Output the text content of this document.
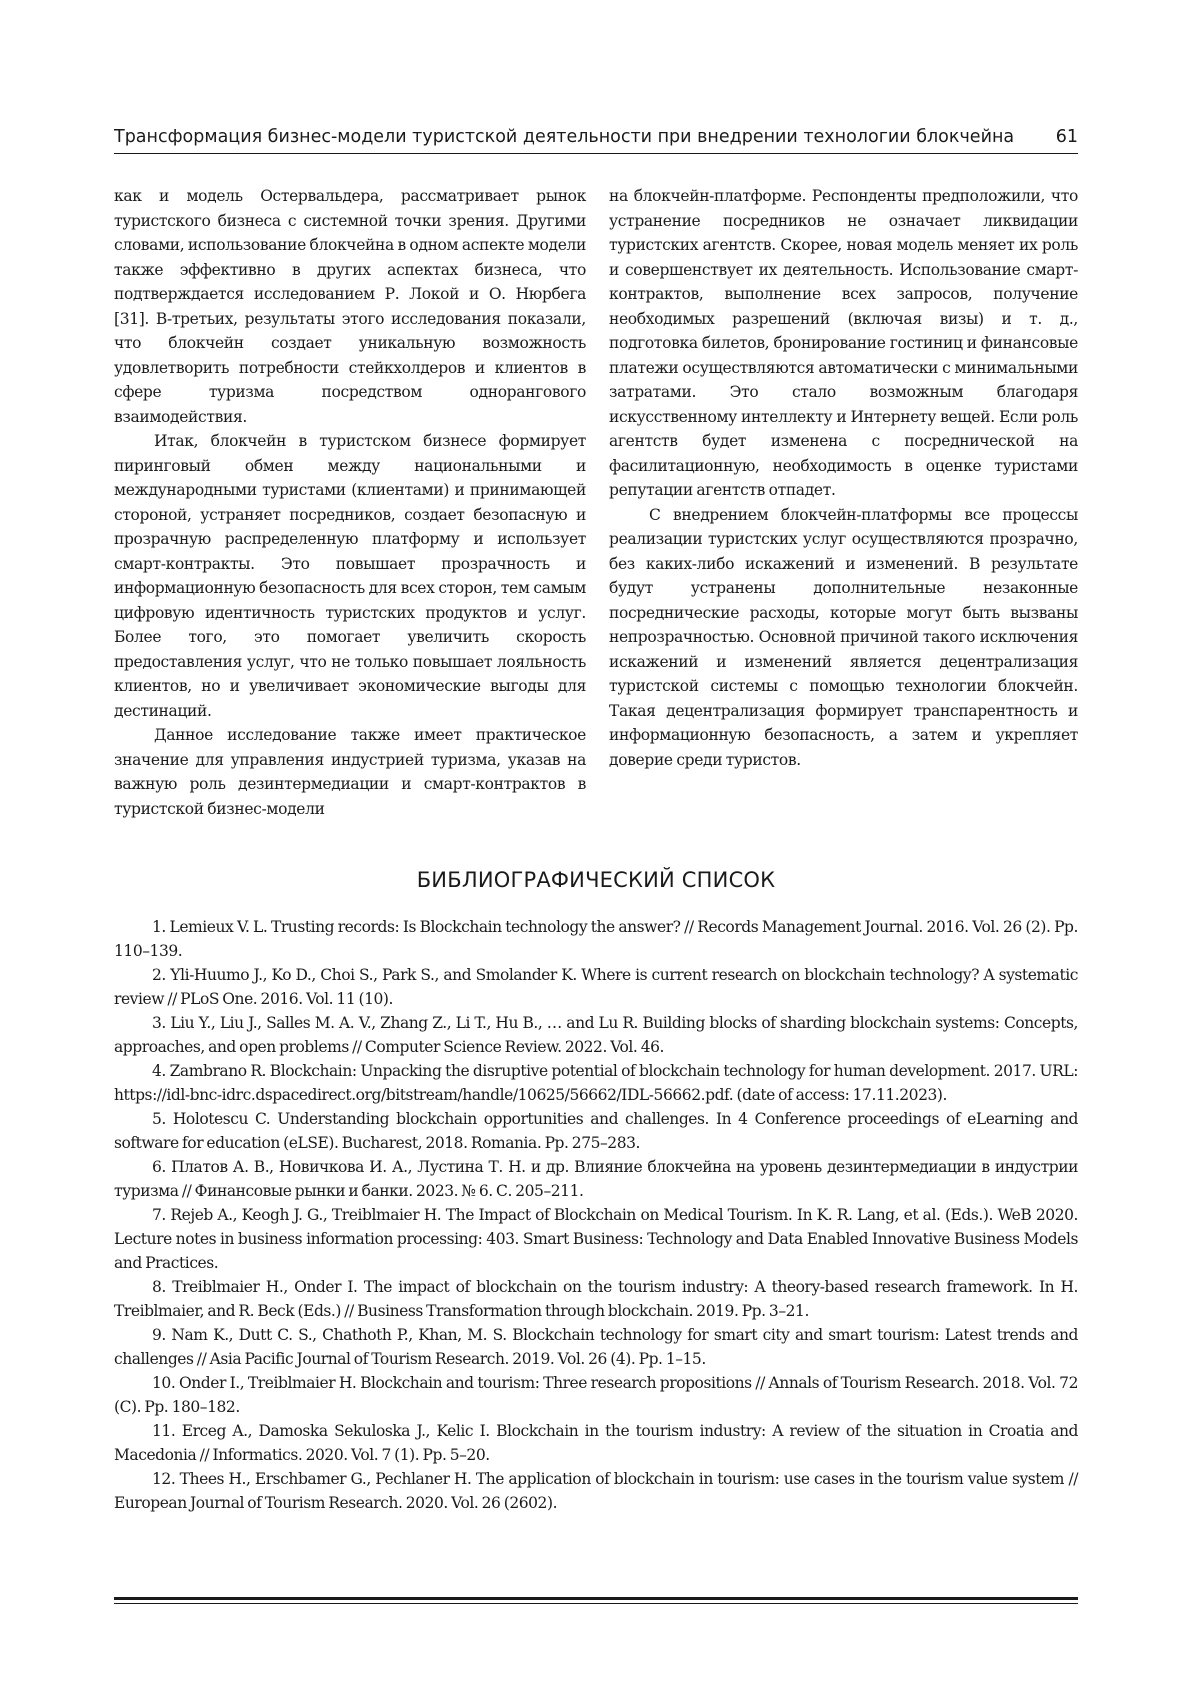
Трансформация бизнес-модели туристской деятельности при внедрении технологии блокчейна 61

как и модель Остервальдера, рассматривает рынок туристского бизнеса с системной точки зрения. Другими словами, использование блокчейна в одном аспекте модели также эффективно в других аспектах бизнеса, что подтверждается исследованием Р. Локой и О. Нюрбега [31]. В-третьих, результаты этого исследования показали, что блокчейн создает уникальную возможность удовлетворить потребности стейкхолдеров и клиентов в сфере туризма посредством однорангового взаимодействия.

Итак, блокчейн в туристском бизнесе формирует пиринговый обмен между национальными и международными туристами (клиентами) и принимающей стороной, устраняет посредников, создает безопасную и прозрачную распределенную платформу и использует смарт-контракты. Это повышает прозрачность и информационную безопасность для всех сторон, тем самым цифровую идентичность туристских продуктов и услуг. Более того, это помогает увеличить скорость предоставления услуг, что не только повышает лояльность клиентов, но и увеличивает экономические выгоды для дестинаций.

Данное исследование также имеет практическое значение для управления индустрией туризма, указав на важную роль дезинтермедиации и смарт-контрактов в туристской бизнес-модели

на блокчейн-платформе. Респонденты предположили, что устранение посредников не означает ликвидации туристских агентств. Скорее, новая модель меняет их роль и совершенствует их деятельность. Использование смарт-контрактов, выполнение всех запросов, получение необходимых разрешений (включая визы) и т. д., подготовка билетов, бронирование гостиниц и финансовые платежи осуществляются автоматически с минимальными затратами. Это стало возможным благодаря искусственному интеллекту и Интернету вещей. Если роль агентств будет изменена с посреднической на фасилитационную, необходимость в оценке туристами репутации агентств отпадет.

С внедрением блокчейн-платформы все процессы реализации туристских услуг осуществляются прозрачно, без каких-либо искажений и изменений. В результате будут устранены дополнительные незаконные посреднические расходы, которые могут быть вызваны непрозрачностью. Основной причиной такого исключения искажений и изменений является децентрализация туристской системы с помощью технологии блокчейн. Такая децентрализация формирует транспарентность и информационную безопасность, а затем и укрепляет доверие среди туристов.

БИБЛИОГРАФИЧЕСКИЙ СПИСОК

1. Lemieux V. L. Trusting records: Is Blockchain technology the answer? // Records Management Journal. 2016. Vol. 26 (2). Pp. 110–139.

2. Yli-Huumo J., Ko D., Choi S., Park S., and Smolander K. Where is current research on blockchain technology? A systematic review // PLoS One. 2016. Vol. 11 (10).

3. Liu Y., Liu J., Salles M. A. V., Zhang Z., Li T., Hu B., … and Lu R. Building blocks of sharding blockchain systems: Concepts, approaches, and open problems // Computer Science Review. 2022. Vol. 46.

4. Zambrano R. Blockchain: Unpacking the disruptive potential of blockchain technology for human development. 2017. URL: https://idl-bnc-idrc.dspacedirect.org/bitstream/handle/10625/56662/IDL-56662.pdf. (date of access: 17.11.2023).

5. Holotescu C. Understanding blockchain opportunities and challenges. In 4 Conference proceedings of eLearning and software for education (eLSE). Bucharest, 2018. Romania. Pp. 275–283.

6. Платов А. В., Новичкова И. А., Лустина Т. Н. и др. Влияние блокчейна на уровень дезинтермедиации в индустрии туризма // Финансовые рынки и банки. 2023. № 6. С. 205–211.

7. Rejeb A., Keogh J. G., Treiblmaier H. The Impact of Blockchain on Medical Tourism. In K. R. Lang, et al. (Eds.). WeB 2020. Lecture notes in business information processing: 403. Smart Business: Technology and Data Enabled Innovative Business Models and Practices.

8. Treiblmaier H., Onder I. The impact of blockchain on the tourism industry: A theory-based research framework. In H. Treiblmaier, and R. Beck (Eds.) // Business Transformation through blockchain. 2019. Pp. 3–21.

9. Nam K., Dutt C. S., Chathoth P., Khan, M. S. Blockchain technology for smart city and smart tourism: Latest trends and challenges // Asia Pacific Journal of Tourism Research. 2019. Vol. 26 (4). Pp. 1–15.

10. Onder I., Treiblmaier H. Blockchain and tourism: Three research propositions // Annals of Tourism Research. 2018. Vol. 72 (C). Pp. 180–182.

11. Erceg A., Damoska Sekuloska J., Kelic I. Blockchain in the tourism industry: A review of the situation in Croatia and Macedonia // Informatics. 2020. Vol. 7 (1). Pp. 5–20.

12. Thees H., Erschbamer G., Pechlaner H. The application of blockchain in tourism: use cases in the tourism value system // European Journal of Tourism Research. 2020. Vol. 26 (2602).
